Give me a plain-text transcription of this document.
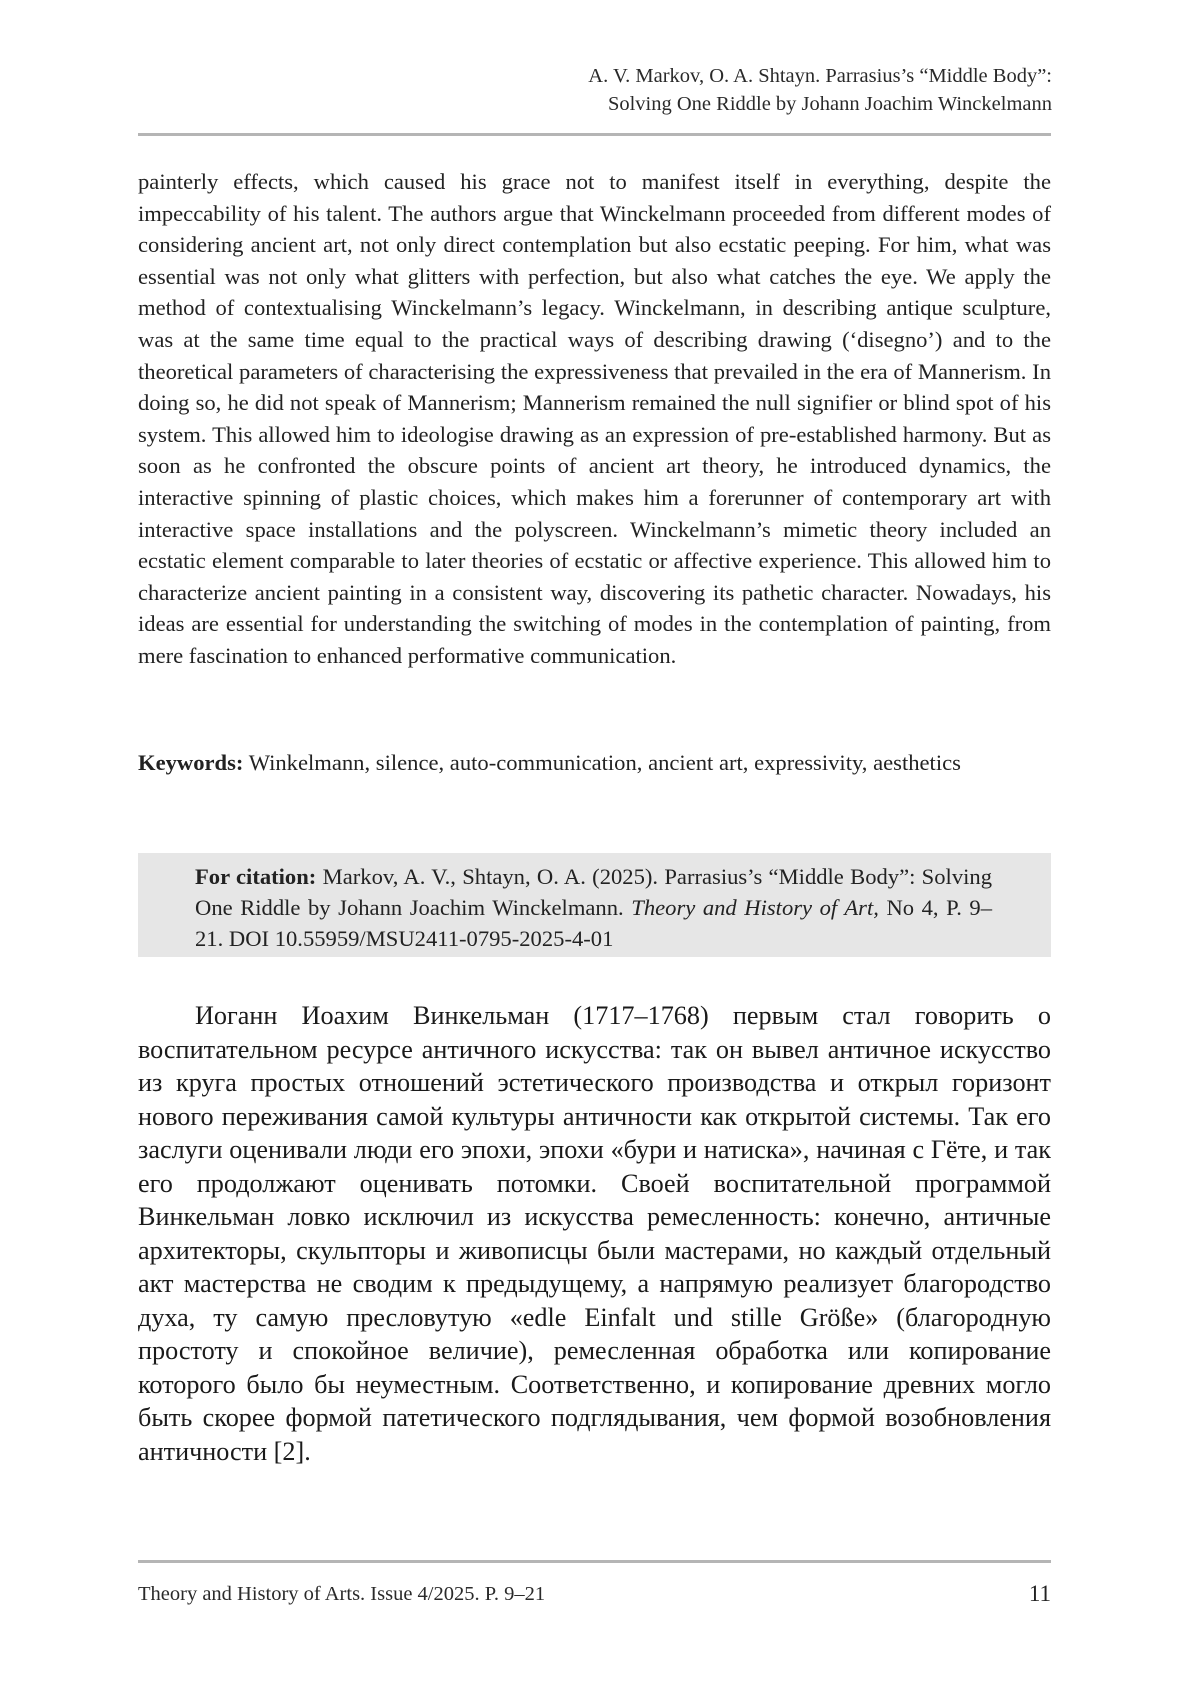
A. V. Markov, O. A. Shtayn. Parrasius’s “Middle Body”:
Solving One Riddle by Johann Joachim Winckelmann

painterly effects, which caused his grace not to manifest itself in everything, despite the impeccability of his talent. The authors argue that Winckelmann proceeded from different modes of considering ancient art, not only direct contemplation but also ecstatic peeping. For him, what was essential was not only what glitters with perfection, but also what catches the eye. We apply the method of contextualising Winckelmann’s legacy. Winckelmann, in describing antique sculpture, was at the same time equal to the practical ways of describing drawing (‘disegno’) and to the theoretical parameters of characterising the expressiveness that prevailed in the era of Mannerism. In doing so, he did not speak of Mannerism; Mannerism remained the null signifier or blind spot of his system. This allowed him to ideologise drawing as an expression of pre-established harmony. But as soon as he confronted the obscure points of ancient art theory, he introduced dynamics, the interactive spinning of plastic choices, which makes him a forerunner of contemporary art with interactive space installations and the polyscreen. Winckelmann’s mimetic theory included an ecstatic element comparable to later theories of ecstatic or affective experience. This allowed him to characterize ancient painting in a consistent way, discovering its pathetic character. Nowadays, his ideas are essential for understanding the switching of modes in the contemplation of painting, from mere fascination to enhanced performative communication.

Keywords: Winkelmann, silence, auto-communication, ancient art, expressivity, aesthetics

For citation: Markov, A. V., Shtayn, O. A. (2025). Parrasius’s “Middle Body”: Solving One Riddle by Johann Joachim Winckelmann. Theory and History of Art, No 4, P. 9–21. DOI 10.55959/MSU2411-0795-2025-4-01

Иоганн Иоахим Винкельман (1717–1768) первым стал говорить о воспитательном ресурсе античного искусства: так он вывел античное искусство из круга простых отношений эстетического производства и открыл горизонт нового переживания самой культуры античности как открытой системы. Так его заслуги оценивали люди его эпохи, эпохи «бури и натиска», начиная с Гёте, и так его продолжают оценивать потомки. Своей воспитательной программой Винкельман ловко исключил из искусства ремесленность: конечно, античные архитекторы, скульпторы и живописцы были мастерами, но каждый отдельный акт мастерства не сводим к предыдущему, а напрямую реализует благородство духа, ту самую пресловутую «edle Einfalt und stille Größe» (благородную простоту и спокойное величие), ремесленная обработка или копирование которого было бы неуместным. Соответственно, и копирование древних могло быть скорее формой патетического подглядывания, чем формой возобновления античности [2].

Theory and History of Arts. Issue 4/2025. P. 9–21	11
